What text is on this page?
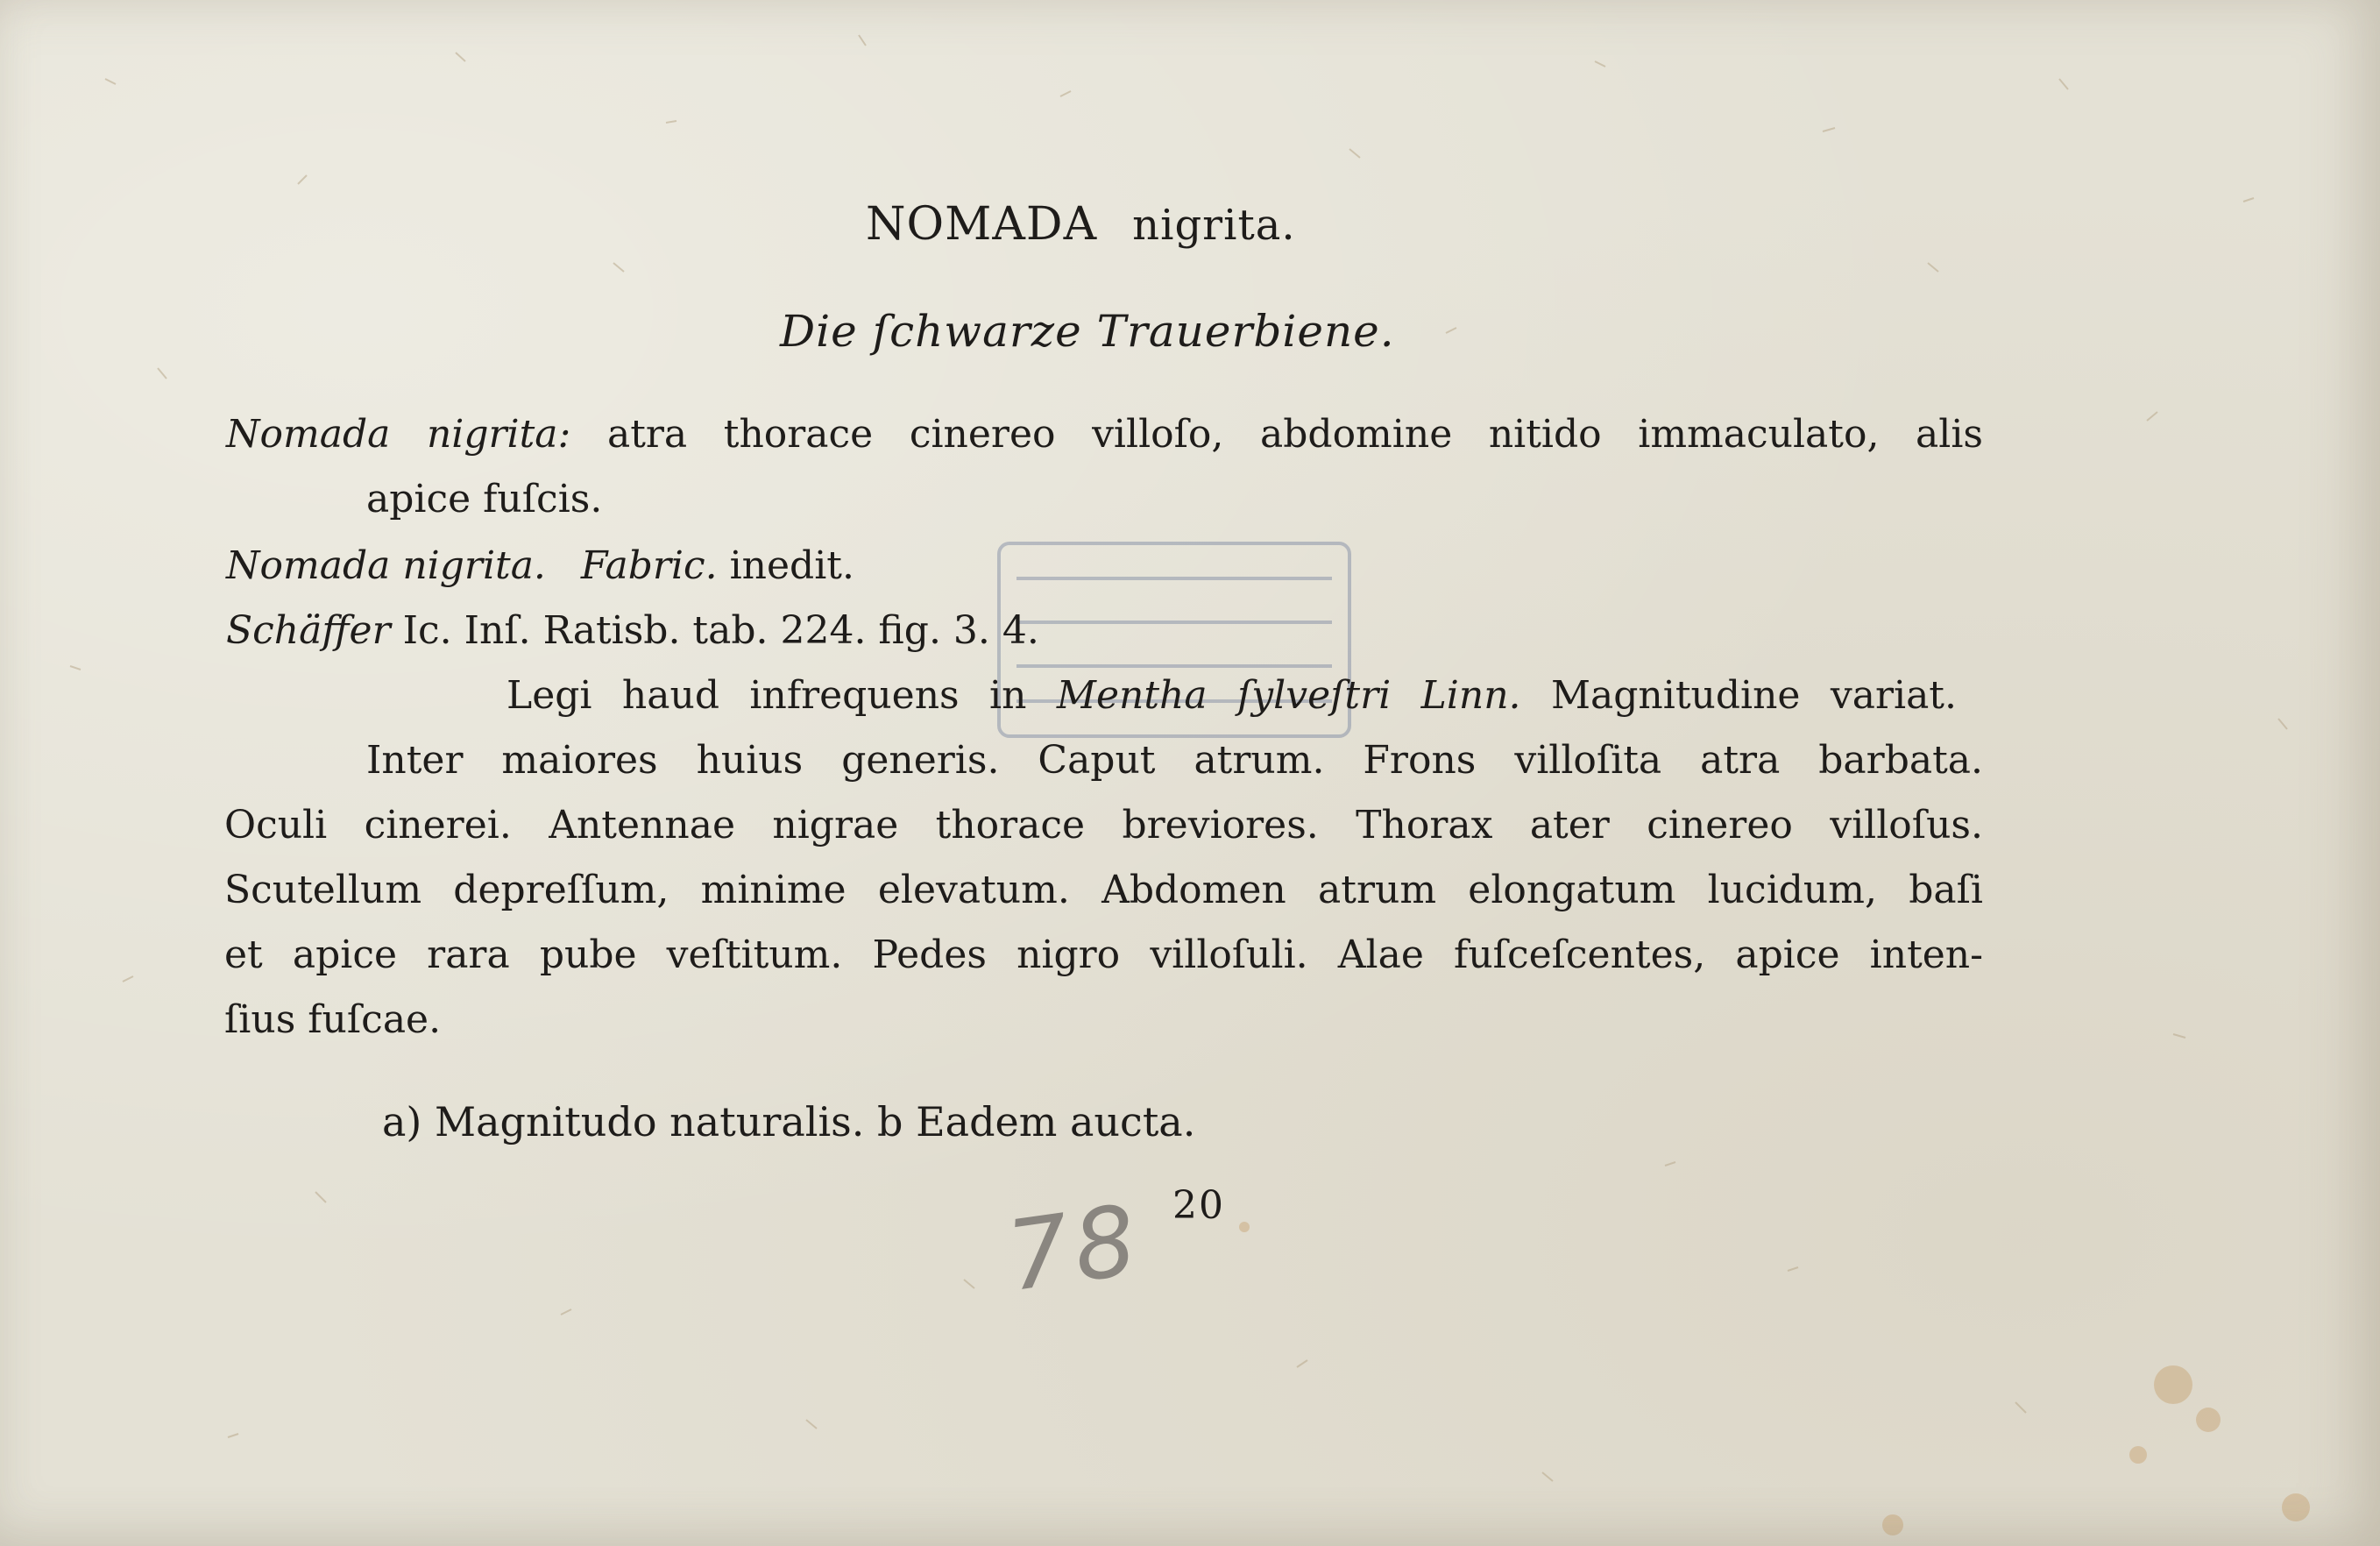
NOMADA nigrita.
Die ſchwarze Trauerbiene.
Nomada nigrita: atra thorace cinereo villoſo, abdomine nitido immaculato, alis
apice fuſcis.
Nomada nigrita. Fabric. inedit.
Schäffer Ic. Inſ. Ratisb. tab. 224. fig. 3. 4.
Legi haud infrequens in Mentha ſylveſtri Linn. Magnitudine variat.
Inter maiores huius generis. Caput atrum. Frons villoſita atra barbata.
Oculi cinerei. Antennae nigrae thorace breviores. Thorax ater cinereo villoſus.
Scutellum depreſſum, minime elevatum. Abdomen atrum elongatum lucidum, baſi
et apice rara pube veſtitum. Pedes nigro villoſuli. Alae fuſceſcentes, apice inten-
ſius fuſcae.
a) Magnitudo naturalis. b Eadem aucta.
78 20
